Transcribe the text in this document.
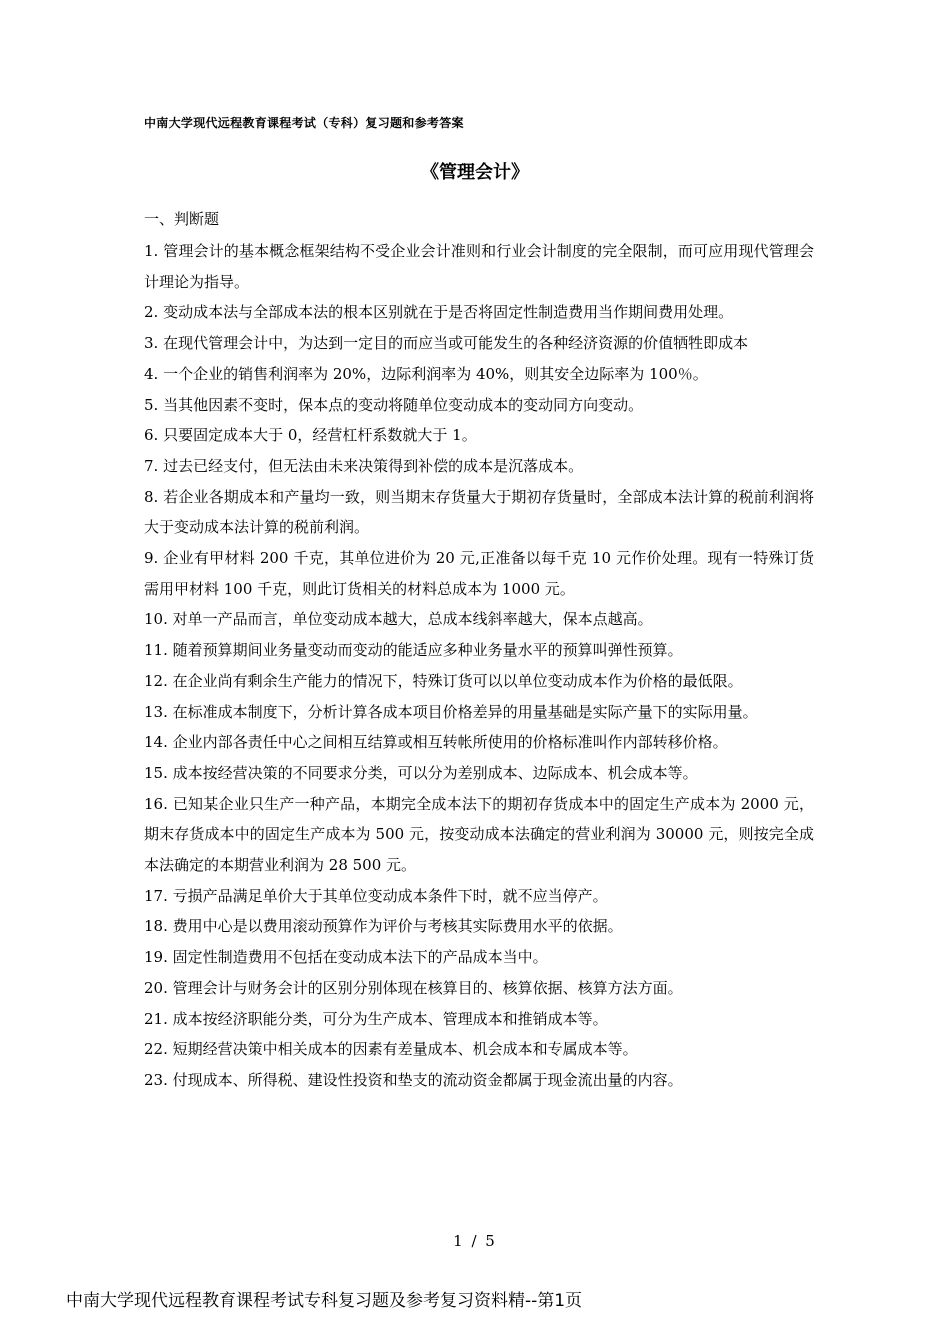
中南大学现代远程教育课程考试（专科）复习题和参考答案
《管理会计》
一、判断题

1. 管理会计的基本概念框架结构不受企业会计准则和行业会计制度的完全限制，而可应用现代管理会计理论为指导。

2. 变动成本法与全部成本法的根本区别就在于是否将固定性制造费用当作期间费用处理。

3. 在现代管理会计中，为达到一定目的而应当或可能发生的各种经济资源的价值牺牲即成本

4. 一个企业的销售利润率为 20%，边际利润率为 40%，则其安全边际率为 100％。

5. 当其他因素不变时，保本点的变动将随单位变动成本的变动同方向变动。

6. 只要固定成本大于 0，经营杠杆系数就大于 1。

7. 过去已经支付，但无法由未来决策得到补偿的成本是沉落成本。

8. 若企业各期成本和产量均一致，则当期末存货量大于期初存货量时，全部成本法计算的税前利润将大于变动成本法计算的税前利润。

9. 企业有甲材料 200 千克，其单位进价为 20 元,正准备以每千克 10 元作价处理。现有一特殊订货需用甲材料 100 千克，则此订货相关的材料总成本为 1000 元。

10. 对单一产品而言，单位变动成本越大，总成本线斜率越大，保本点越高。

11. 随着预算期间业务量变动而变动的能适应多种业务量水平的预算叫弹性预算。

12. 在企业尚有剩余生产能力的情况下，特殊订货可以以单位变动成本作为价格的最低限。

13. 在标准成本制度下，分析计算各成本项目价格差异的用量基础是实际产量下的实际用量。

14. 企业内部各责任中心之间相互结算或相互转帐所使用的价格标准叫作内部转移价格。

15. 成本按经营决策的不同要求分类，可以分为差别成本、边际成本、机会成本等。

16. 已知某企业只生产一种产品，本期完全成本法下的期初存货成本中的固定生产成本为 2000 元，期末存货成本中的固定生产成本为 500 元，按变动成本法确定的营业利润为 30000 元，则按完全成本法确定的本期营业利润为 28 500 元。

17. 亏损产品满足单价大于其单位变动成本条件下时，就不应当停产。

18. 费用中心是以费用滚动预算作为评价与考核其实际费用水平的依据。

19. 固定性制造费用不包括在变动成本法下的产品成本当中。

20. 管理会计与财务会计的区别分别体现在核算目的、核算依据、核算方法方面。

21. 成本按经济职能分类，可分为生产成本、管理成本和推销成本等。

22. 短期经营决策中相关成本的因素有差量成本、机会成本和专属成本等。

23. 付现成本、所得税、建设性投资和垫支的流动资金都属于现金流出量的内容。

1 / 5
中南大学现代远程教育课程考试专科复习题及参考复习资料精--第1页
